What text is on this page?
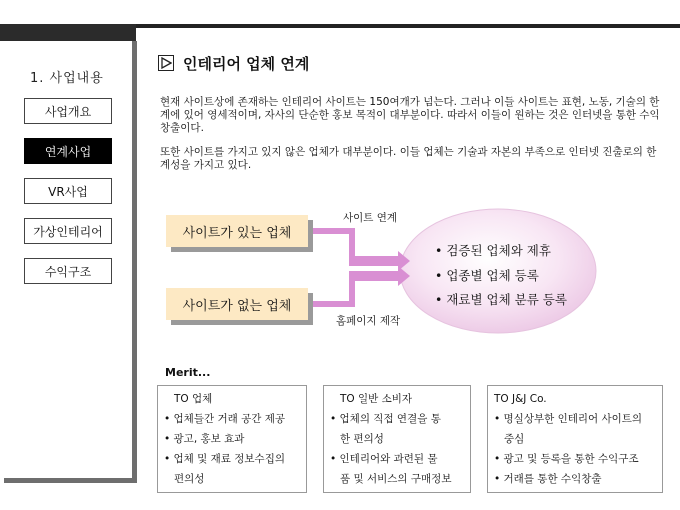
1. 사업내용
사업개요
연계사업
VR사업
가상인테리어
수익구조
인테리어 업체 연계
현재 사이트상에 존재하는 인테리어 사이트는 150여개가 넘는다. 그러나 이들 사이트는 표현, 노동, 기술의 한계에 있어 영세적이며, 자사의 단순한 홍보 목적이 대부분이다. 따라서 이들이 원하는 것은 인터넷을 통한 수익창출이다.
또한 사이트를 가지고 있지 않은 업체가 대부분이다. 이들 업체는 기술과 자본의 부족으로 인터넷 진출로의 한계성을 가지고 있다.
사이트가 있는 업체
사이트가 없는 업체
사이트 연계
홈페이지 제작
• 검증된 업체와 제휴
• 업종별 업체 등록
• 재료별 업체 분류 등록
Merit...
TO 업체
• 업체들간 거래 공간 제공
• 광고, 홍보 효과
• 업체 및 재료 정보수집의
편의성
TO 일반 소비자
• 업체의 직접 연결을 통
한 편의성
• 인테리어와 과련된 물
품 및 서비스의 구매정보
TO J&J Co.
• 명실상부한 인테리어 사이트의
중심
• 광고 및 등록을 통한 수익구조
• 거래를 통한 수익창출
